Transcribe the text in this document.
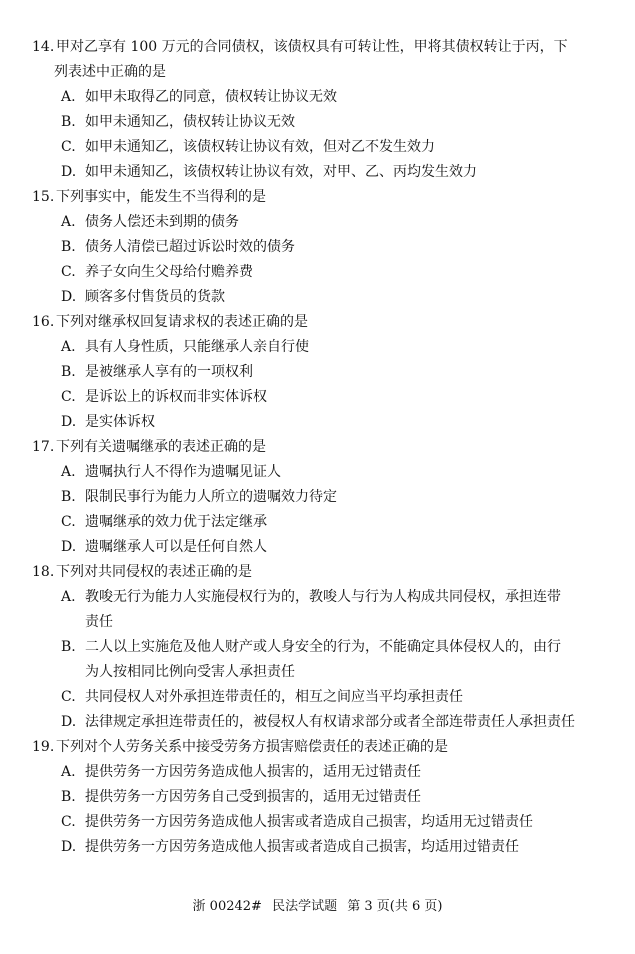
14. 甲对乙享有 100 万元的合同债权，该债权具有可转让性，甲将其债权转让于丙，下
列表述中正确的是
A. 如甲未取得乙的同意，债权转让协议无效
B. 如甲未通知乙，债权转让协议无效
C. 如甲未通知乙，该债权转让协议有效，但对乙不发生效力
D. 如甲未通知乙，该债权转让协议有效，对甲、乙、丙均发生效力
15. 下列事实中，能发生不当得利的是
A. 债务人偿还未到期的债务
B. 债务人清偿已超过诉讼时效的债务
C. 养子女向生父母给付赡养费
D. 顾客多付售货员的货款
16. 下列对继承权回复请求权的表述正确的是
A. 具有人身性质，只能继承人亲自行使
B. 是被继承人享有的一项权利
C. 是诉讼上的诉权而非实体诉权
D. 是实体诉权
17. 下列有关遗嘱继承的表述正确的是
A. 遗嘱执行人不得作为遗嘱见证人
B. 限制民事行为能力人所立的遗嘱效力待定
C. 遗嘱继承的效力优于法定继承
D. 遗嘱继承人可以是任何自然人
18. 下列对共同侵权的表述正确的是
A. 教唆无行为能力人实施侵权行为的，教唆人与行为人构成共同侵权，承担连带
责任
B. 二人以上实施危及他人财产或人身安全的行为，不能确定具体侵权人的，由行
为人按相同比例向受害人承担责任
C. 共同侵权人对外承担连带责任的，相互之间应当平均承担责任
D. 法律规定承担连带责任的，被侵权人有权请求部分或者全部连带责任人承担责任
19. 下列对个人劳务关系中接受劳务方损害赔偿责任的表述正确的是
A. 提供劳务一方因劳务造成他人损害的，适用无过错责任
B. 提供劳务一方因劳务自己受到损害的，适用无过错责任
C. 提供劳务一方因劳务造成他人损害或者造成自己损害，均适用无过错责任
D. 提供劳务一方因劳务造成他人损害或者造成自己损害，均适用过错责任
浙 00242# 民法学试题 第 3 页(共 6 页)
